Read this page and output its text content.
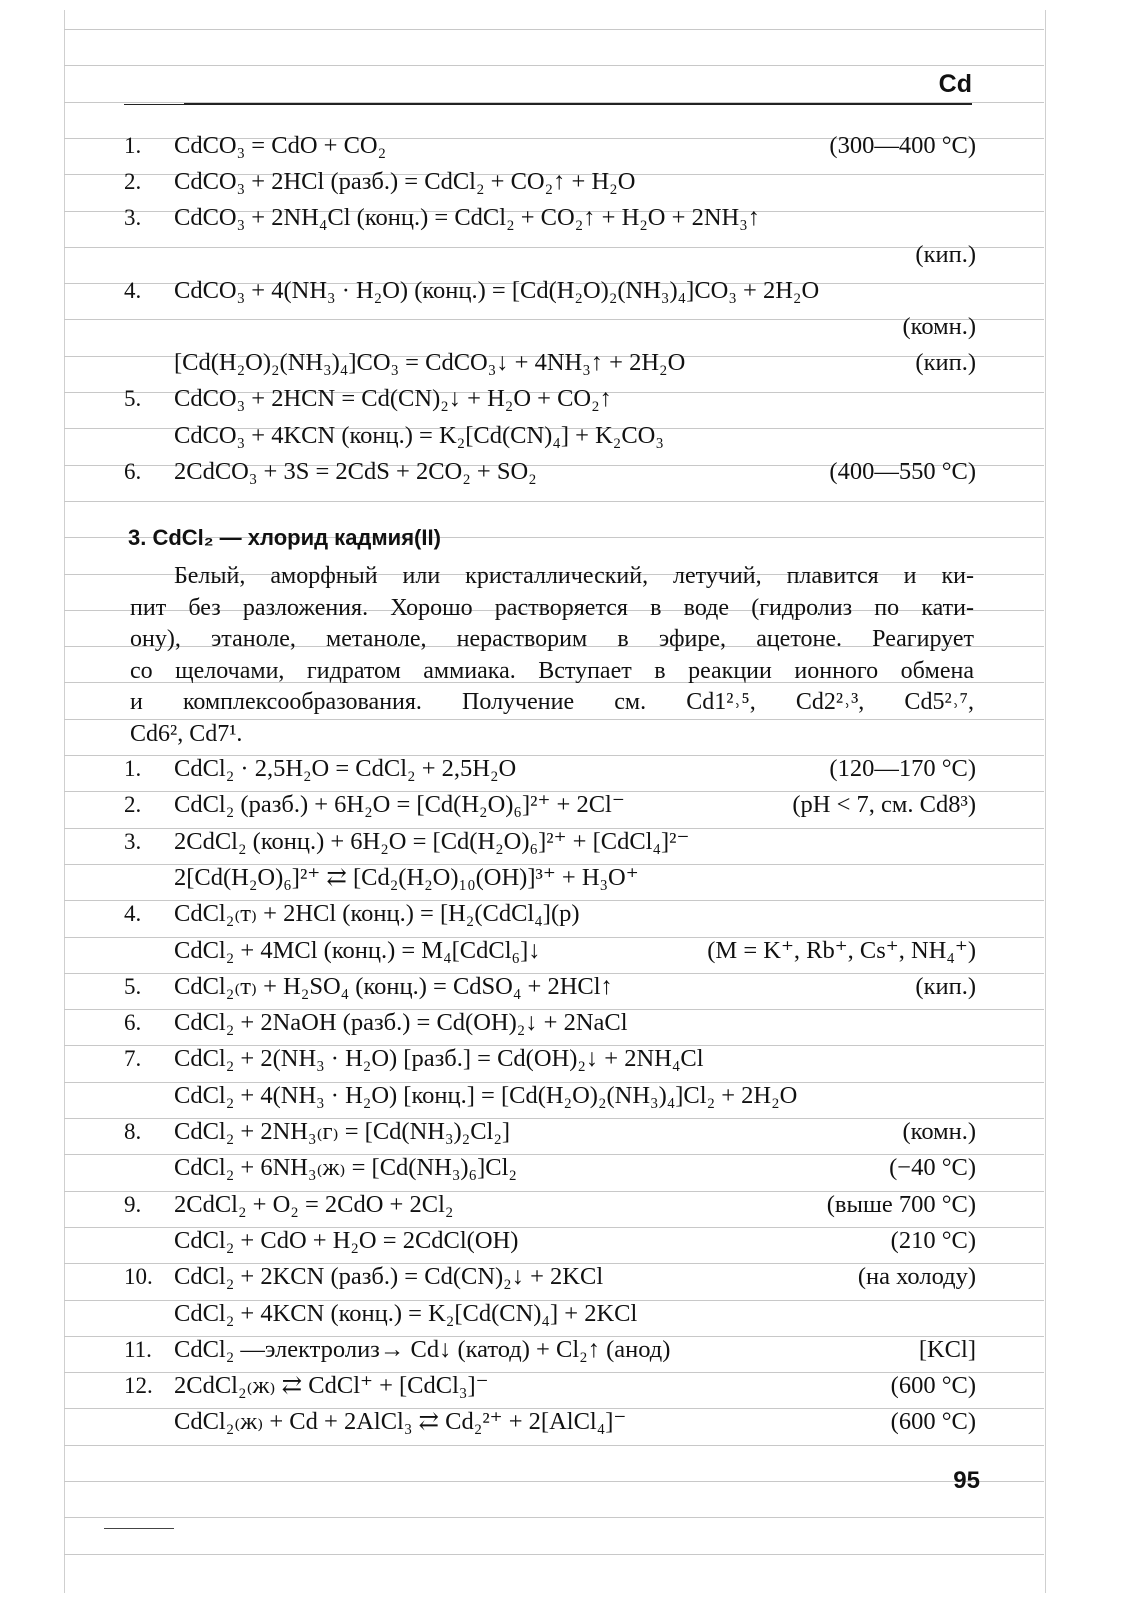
Cd
1.	CdCO₃ = CdO + CO₂	(300—400 °C)
2.	CdCO₃ + 2HCl (разб.) = CdCl₂ + CO₂↑ + H₂O
3.	CdCO₃ + 2NH₄Cl (конц.) = CdCl₂ + CO₂↑ + H₂O + 2NH₃↑
(кип.)
4.	CdCO₃ + 4(NH₃ · H₂O) (конц.) = [Cd(H₂O)₂(NH₃)₄]CO₃ + 2H₂O
(комн.)
[Cd(H₂O)₂(NH₃)₄]CO₃ = CdCO₃↓ + 4NH₃↑ + 2H₂O	(кип.)
5.	CdCO₃ + 2HCN = Cd(CN)₂↓ + H₂O + CO₂↑
CdCO₃ + 4KCN (конц.) = K₂[Cd(CN)₄] + K₂CO₃
6.	2CdCO₃ + 3S = 2CdS + 2CO₂ + SO₂	(400—550 °C)
3. CdCl₂ — хлорид кадмия(II)
Белый, аморфный или кристаллический, летучий, плавится и ки-
пит без разложения. Хорошо растворяется в воде (гидролиз по кати-
ону), этаноле, метаноле, нерастворим в эфире, ацетоне. Реагирует
со щелочами, гидратом аммиака. Вступает в реакции ионного обмена
и комплексообразования. Получение см. Cd1²˒⁵, Cd2²˒³, Cd5²˒⁷,
Cd6², Cd7¹.
1.	CdCl₂ · 2,5H₂O = CdCl₂ + 2,5H₂O	(120—170 °C)
2.	CdCl₂ (разб.) + 6H₂O = [Cd(H₂O)₆]²⁺ + 2Cl⁻	(pH < 7, см. Cd8³)
3.	2CdCl₂ (конц.) + 6H₂O = [Cd(H₂O)₆]²⁺ + [CdCl₄]²⁻
2[Cd(H₂O)₆]²⁺ ⇄ [Cd₂(H₂O)₁₀(OH)]³⁺ + H₃O⁺
4.	CdCl₂₍т₎ + 2HCl (конц.) = [H₂(CdCl₄](р)
CdCl₂ + 4MCl (конц.) = M₄[CdCl₆]↓	(M = K⁺, Rb⁺, Cs⁺, NH₄⁺)
5.	CdCl₂₍т₎ + H₂SO₄ (конц.) = CdSO₄ + 2HCl↑	(кип.)
6.	CdCl₂ + 2NaOH (разб.) = Cd(OH)₂↓ + 2NaCl
7.	CdCl₂ + 2(NH₃ · H₂O) [разб.] = Cd(OH)₂↓ + 2NH₄Cl
CdCl₂ + 4(NH₃ · H₂O) [конц.] = [Cd(H₂O)₂(NH₃)₄]Cl₂ + 2H₂O
8.	CdCl₂ + 2NH₃₍г₎ = [Cd(NH₃)₂Cl₂]	(комн.)
CdCl₂ + 6NH₃₍ж₎ = [Cd(NH₃)₆]Cl₂	(−40 °C)
9.	2CdCl₂ + O₂ = 2CdO + 2Cl₂	(выше 700 °C)
CdCl₂ + CdO + H₂O = 2CdCl(OH)	(210 °C)
10. CdCl₂ + 2KCN (разб.) = Cd(CN)₂↓ + 2KCl	(на холоду)
CdCl₂ + 4KCN (конц.) = K₂[Cd(CN)₄] + 2KCl
11. CdCl₂ —электролиз→ Cd↓ (катод) + Cl₂↑ (анод)	[KCl]
12. 2CdCl₂₍ж₎ ⇄ CdCl⁺ + [CdCl₃]⁻	(600 °C)
CdCl₂₍ж₎ + Cd + 2AlCl₃ ⇄ Cd₂²⁺ + 2[AlCl₄]⁻	(600 °C)
95
